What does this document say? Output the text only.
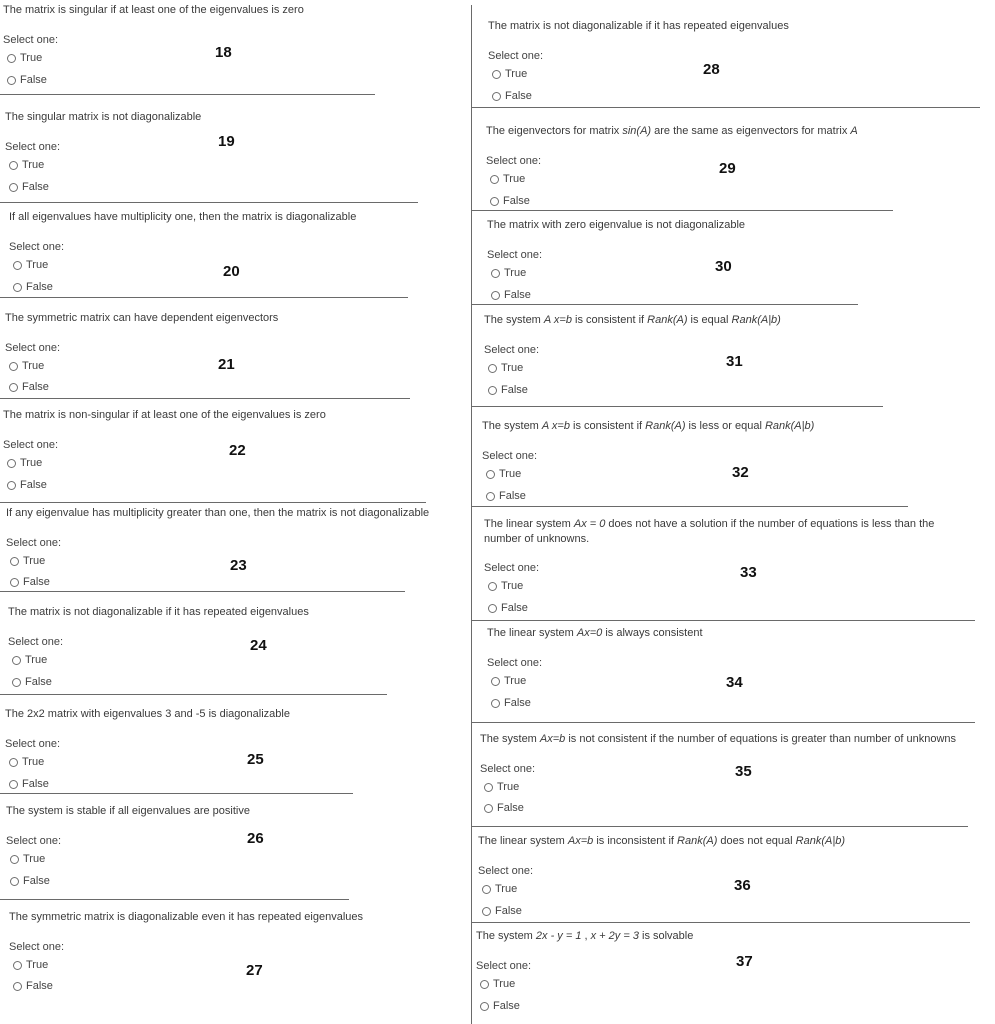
The matrix is singular if at least one of the eigenvalues is zero
Select one:
True
False
18
The singular matrix is not diagonalizable
Select one:
True
False
19
If all eigenvalues have multiplicity one, then the matrix is diagonalizable
Select one:
True
False
20
The symmetric matrix can have dependent eigenvectors
Select one:
True
False
21
The matrix is non-singular if at least one of the eigenvalues is zero
Select one:
True
False
22
If any eigenvalue has multiplicity greater than one, then the matrix is not diagonalizable
Select one:
True
False
23
The matrix is not diagonalizable if it has repeated eigenvalues
Select one:
True
False
24
The 2x2 matrix with eigenvalues 3 and -5 is diagonalizable
Select one:
True
False
25
The system is stable if all eigenvalues are positive
Select one:
True
False
26
The symmetric matrix is diagonalizable even it has repeated eigenvalues
Select one:
True
False
27
The matrix is not diagonalizable if it has repeated eigenvalues
Select one:
True
False
28
The eigenvectors for matrix sin(A) are the same as eigenvectors for matrix A
Select one:
True
False
29
The matrix with zero eigenvalue is not diagonalizable
Select one:
True
False
30
The system A x=b is consistent if Rank(A) is equal Rank(A|b)
Select one:
True
False
31
The system A x=b is consistent if Rank(A) is less or equal Rank(A|b)
Select one:
True
False
32
The linear system Ax = 0 does not have a solution if the number of equations is less than the number of unknowns.
Select one:
True
False
33
The linear system Ax=0 is always consistent
Select one:
True
False
34
The system Ax=b is not consistent if the number of equations is greater than number of unknowns
Select one:
True
False
35
The linear system Ax=b is inconsistent if Rank(A) does not equal Rank(A|b)
Select one:
True
False
36
The system 2x - y = 1 , x + 2y = 3 is solvable
Select one:
True
False
37
